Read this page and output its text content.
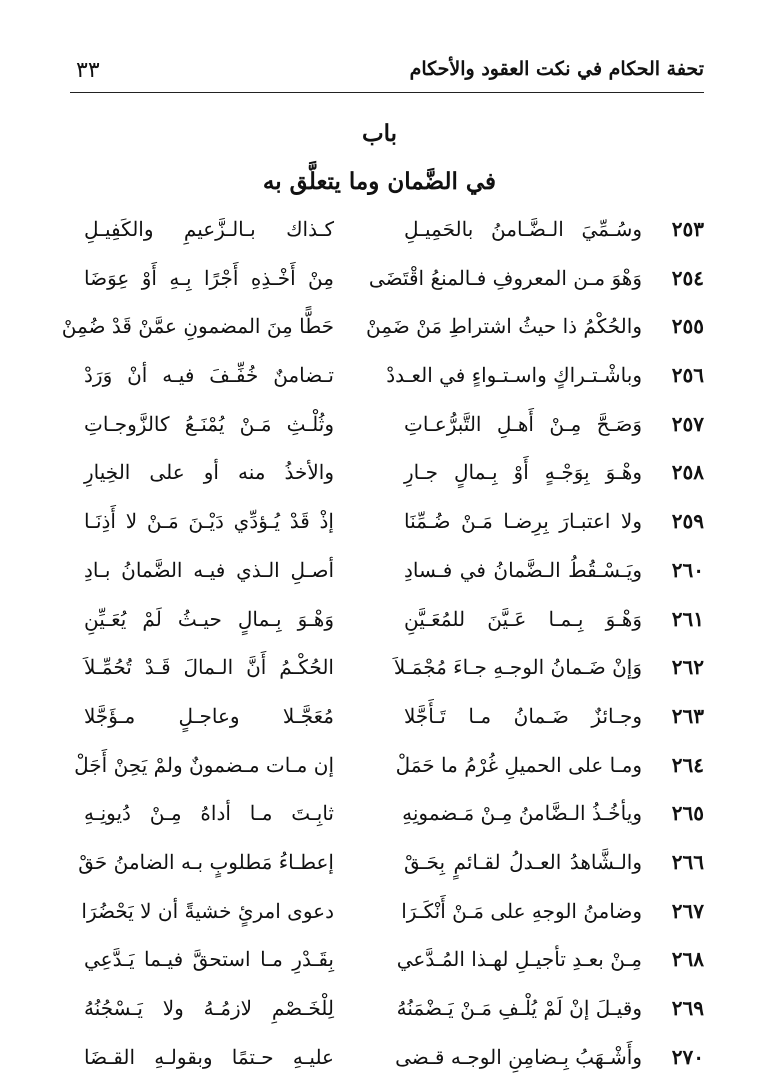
٣٣	تحفة الحكام في نكت العقود والأحكام
باب
في الضَّمان وما يتعلَّق به
٢٥٣
وسُـمِّيَ الـضَّـامنُ بالحَمِيـلِ
كـذاك بـالـزَّعيمِ والكَفِيـلِ
٢٥٤
وَهْوَ مـن المعروفِ فـالمنعُ اقْتَضَى
مِنْ أَخْـذِهِ أَجْرًا بِـهِ أَوْ عِوَضَا
٢٥٥
والحُكْمُ ذا حيثُ اشتراطِ مَنْ ضَمِنْ
حَطًّا مِنَ المضمونِ عمَّنْ قَدْ ضُمِنْ
٢٥٦
وباشْـتـراكٍ واسـتـواءٍ في العـددْ
تـضامنٌ خُفِّـفَ فيـه أنْ وَرَدْ
٢٥٧
وَصَـحَّ مِـنْ أَهـلِ التَّبرُّعـاتِ
وثُلْـثِ مَـنْ يُمْنَـعُ كالزَّوجـاتِ
٢٥٨
وهْـوَ بِوَجْـهٍ أَوْ بِـمالٍ جـارِ
والأخذُ منه أو على الخِيارِ
٢٥٩
ولا اعتبـارَ بِرِضـا مَـنْ ضُـمِّنَا
إذْ قَدْ يُـؤدِّي دَيْـنَ مَـنْ لا أَذِنَـا
٢٦٠
ويَـسْـقُطُ الـضَّمانُ في فـسادِ
أصـلِ الـذي فيـه الضَّمانُ بـادِ
٢٦١
وَهْـوَ بِـمـا عَـيَّنَ للمُعَـيَّنِ
وَهْـوَ بِـمالٍ حيـثُ لَمْ يُعَـيِّنِ
٢٦٢
وَإنْ ضَـمانُ الوجـهِ جـاءَ مُجْمَـلاَ
الحُكْـمُ أَنَّ الـمالَ قَـدْ تُحُمِّـلاَ
٢٦٣
وجـائزٌ ضَـمانُ مـا تَـأَجَّلا
مُعَجَّـلا وعاجـلٍ مـؤَجَّلا
٢٦٤
ومـا على الحميلِ غُرْمُ ما حَمَلْ
إن مـات مـضمونٌ ولمْ يَحِنْ أَجَلْ
٢٦٥
ويأخُـذُ الـضَّامنُ مِـنْ مَـضمونِهِ
ثابِـتَ مـا أداهُ مِـنْ دُيونِـهِ
٢٦٦
والـشَّاهدُ العـدلُ لقـائمٍ بِحَـقْ
إعطـاءُ مَطلوبٍ بـه الضامنُ حَقْ
٢٦٧
وضامنُ الوجهِ على مَـنْ أَنْكَـرَا
دعوى امرئٍ خشيةً أن لا يَحْضُرَا
٢٦٨
مِـنْ بعـدِ تأجيـلِ لهـذا المُـدَّعي
بِقَـدْرِ مـا استحقَّ فيـما يَـدَّعِي
٢٦٩
وقيـلَ إنْ لَمْ يُلْـفِ مَـنْ يَـضْمَنُهُ
لِلْخَـصْمِ لازمُـهُ ولا يَـسْجُنُهُ
٢٧٠
وأَشْـهَبُ بِـضامِنِ الوجـه قـضى
عليـهِ حـتمًا وبقولـهِ القـضَا
